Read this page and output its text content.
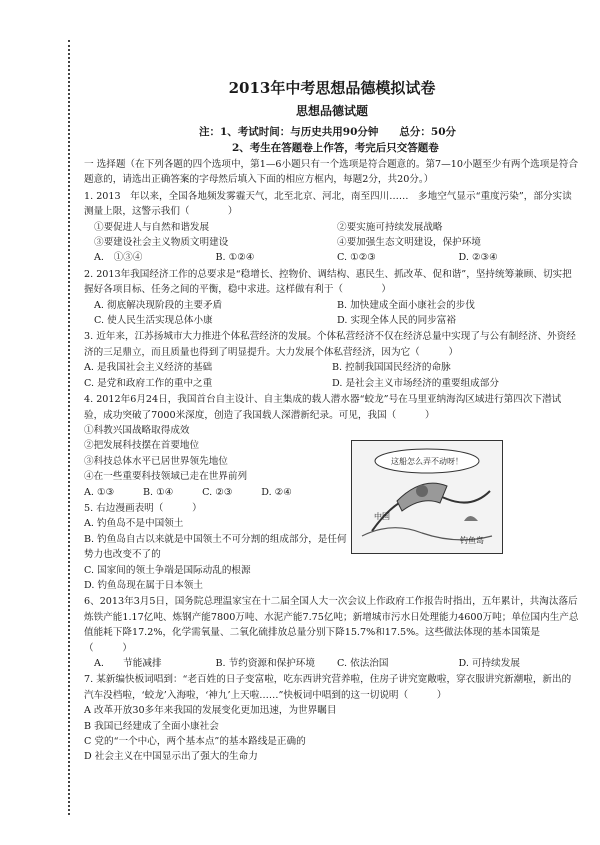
2013年中考思想品德模拟试卷
思想品德试题
注：1、考试时间：与历史共用90分钟　　总分：50分
2、考生在答题卷上作答，考完后只交答题卷

一 选择题（在下列各题的四个选项中，第1—6小题只有一个选项是符合题意的。第7—10小题至少有两个选项是符合题意的，请选出正确答案的字母然后填入下面的相应方框内，每题2分，共20分。）

1. 2013　年以来，全国各地频发雾霾天气，北至北京、河北，南至四川……　多地空气显示“重度污染”，部分实读测量上限，这警示我们（　　　　）

①要促进人与自然和谐发展	②要实施可持续发展战略
③要建设社会主义物质文明建设	④要加强生态文明建设，保护环境
A.　①③④	B. ①②④	C. ①②③	D. ②③④

2. 2013年我国经济工作的总要求是“稳增长、控物价、调结构、惠民生、抓改革、促和谐”，坚持统筹兼顾、切实把握好各项目标、任务之间的平衡，稳中求进。这样做有利于（　　　　）

A. 彻底解决现阶段的主要矛盾	B. 加快建成全面小康社会的步伐
C. 使人民生活实现总体小康	D. 实现全体人民的同步富裕

3. 近年来，江苏扬城市大力推进个体私营经济的发展。个体私营经济不仅在经济总量中实现了与公有制经济、外资经济的三足鼎立，而且质量也得到了明显提升。大力发展个体私营经济，因为它（　　　）

A. 是我国社会主义经济的基础	B. 控制我国国民经济的命脉
C. 是党和政府工作的重中之重	D. 是社会主义市场经济的重要组成部分

4. 2012年6月24日，我国首台自主设计、自主集成的载人潜水器“蛟龙”号在马里亚纳海沟区域进行第四次下潜试验，成功突破了7000米深度，创造了我国载人深潜新纪录。可见，我国（　　　）

①科教兴国战略取得成效

②把发展科技摆在首要地位

③科技总体水平已居世界领先地位

④在一些重要科技领域已走在世界前列

A. ①③　　　B. ①④　　　C. ②③　　　D. ②④

这船怎么弄不动呀！
中国
钓鱼岛

5. 右边漫画表明（　　　）

A. 钓鱼岛不是中国领土

B. 钓鱼岛自古以来就是中国领土不可分割的组成部分，是任何势力也改变不了的

C. 国家间的领土争端是国际动乱的根源

D. 钓鱼岛现在属于日本领土

6、2013年3月5日，国务院总理温家宝在十二届全国人大一次会议上作政府工作报告时指出，五年累计，共淘汰落后炼铁产能1.17亿吨、炼钢产能7800万吨、水泥产能7.75亿吨；新增城市污水日处理能力4600万吨；单位国内生产总值能耗下降17.2%，化学需氧量、二氧化硫排放总量分别下降15.7%和17.5%。这些做法体现的基本国策是（　　　）

A.　　节能减排	B. 节约资源和保护环境	C. 依法治国	D. 可持续发展

7. 某新编快板词唱到：“老百姓的日子变富啦，吃东西讲究营养啦，住房子讲究宽敞啦，穿衣服讲究新潮啦，新出的汽车没档啦，‘蛟龙’入海啦，‘神九’上天啦……”快板词中唱到的这一切说明（　　　）

A 改革开放30多年来我国的发展变化更加迅速，为世界瞩目

B 我国已经建成了全面小康社会

C 党的“一个中心，两个基本点”的基本路线是正确的

D 社会主义在中国显示出了强大的生命力
